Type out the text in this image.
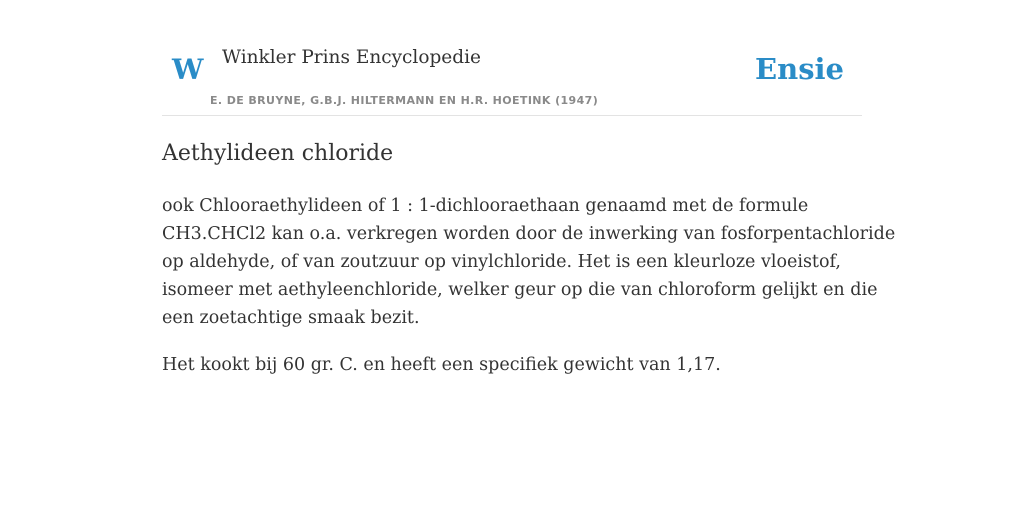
W Winkler Prins Encyclopedie
E. DE BRUYNE, G.B.J. HILTERMANN EN H.R. HOETINK (1947)
Ensie
Aethylideen chloride

ook Chlooraethylideen of 1 : 1-dichlooraethaan genaamd met de formule
CH3.CHCl2 kan o.a. verkregen worden door de inwerking van fosforpentachloride
op aldehyde, of van zoutzuur op vinylchloride. Het is een kleurloze vloeistof,
isomeer met aethyleenchloride, welker geur op die van chloroform gelijkt en die
een zoetachtige smaak bezit.

Het kookt bij 60 gr. C. en heeft een specifiek gewicht van 1,17.
